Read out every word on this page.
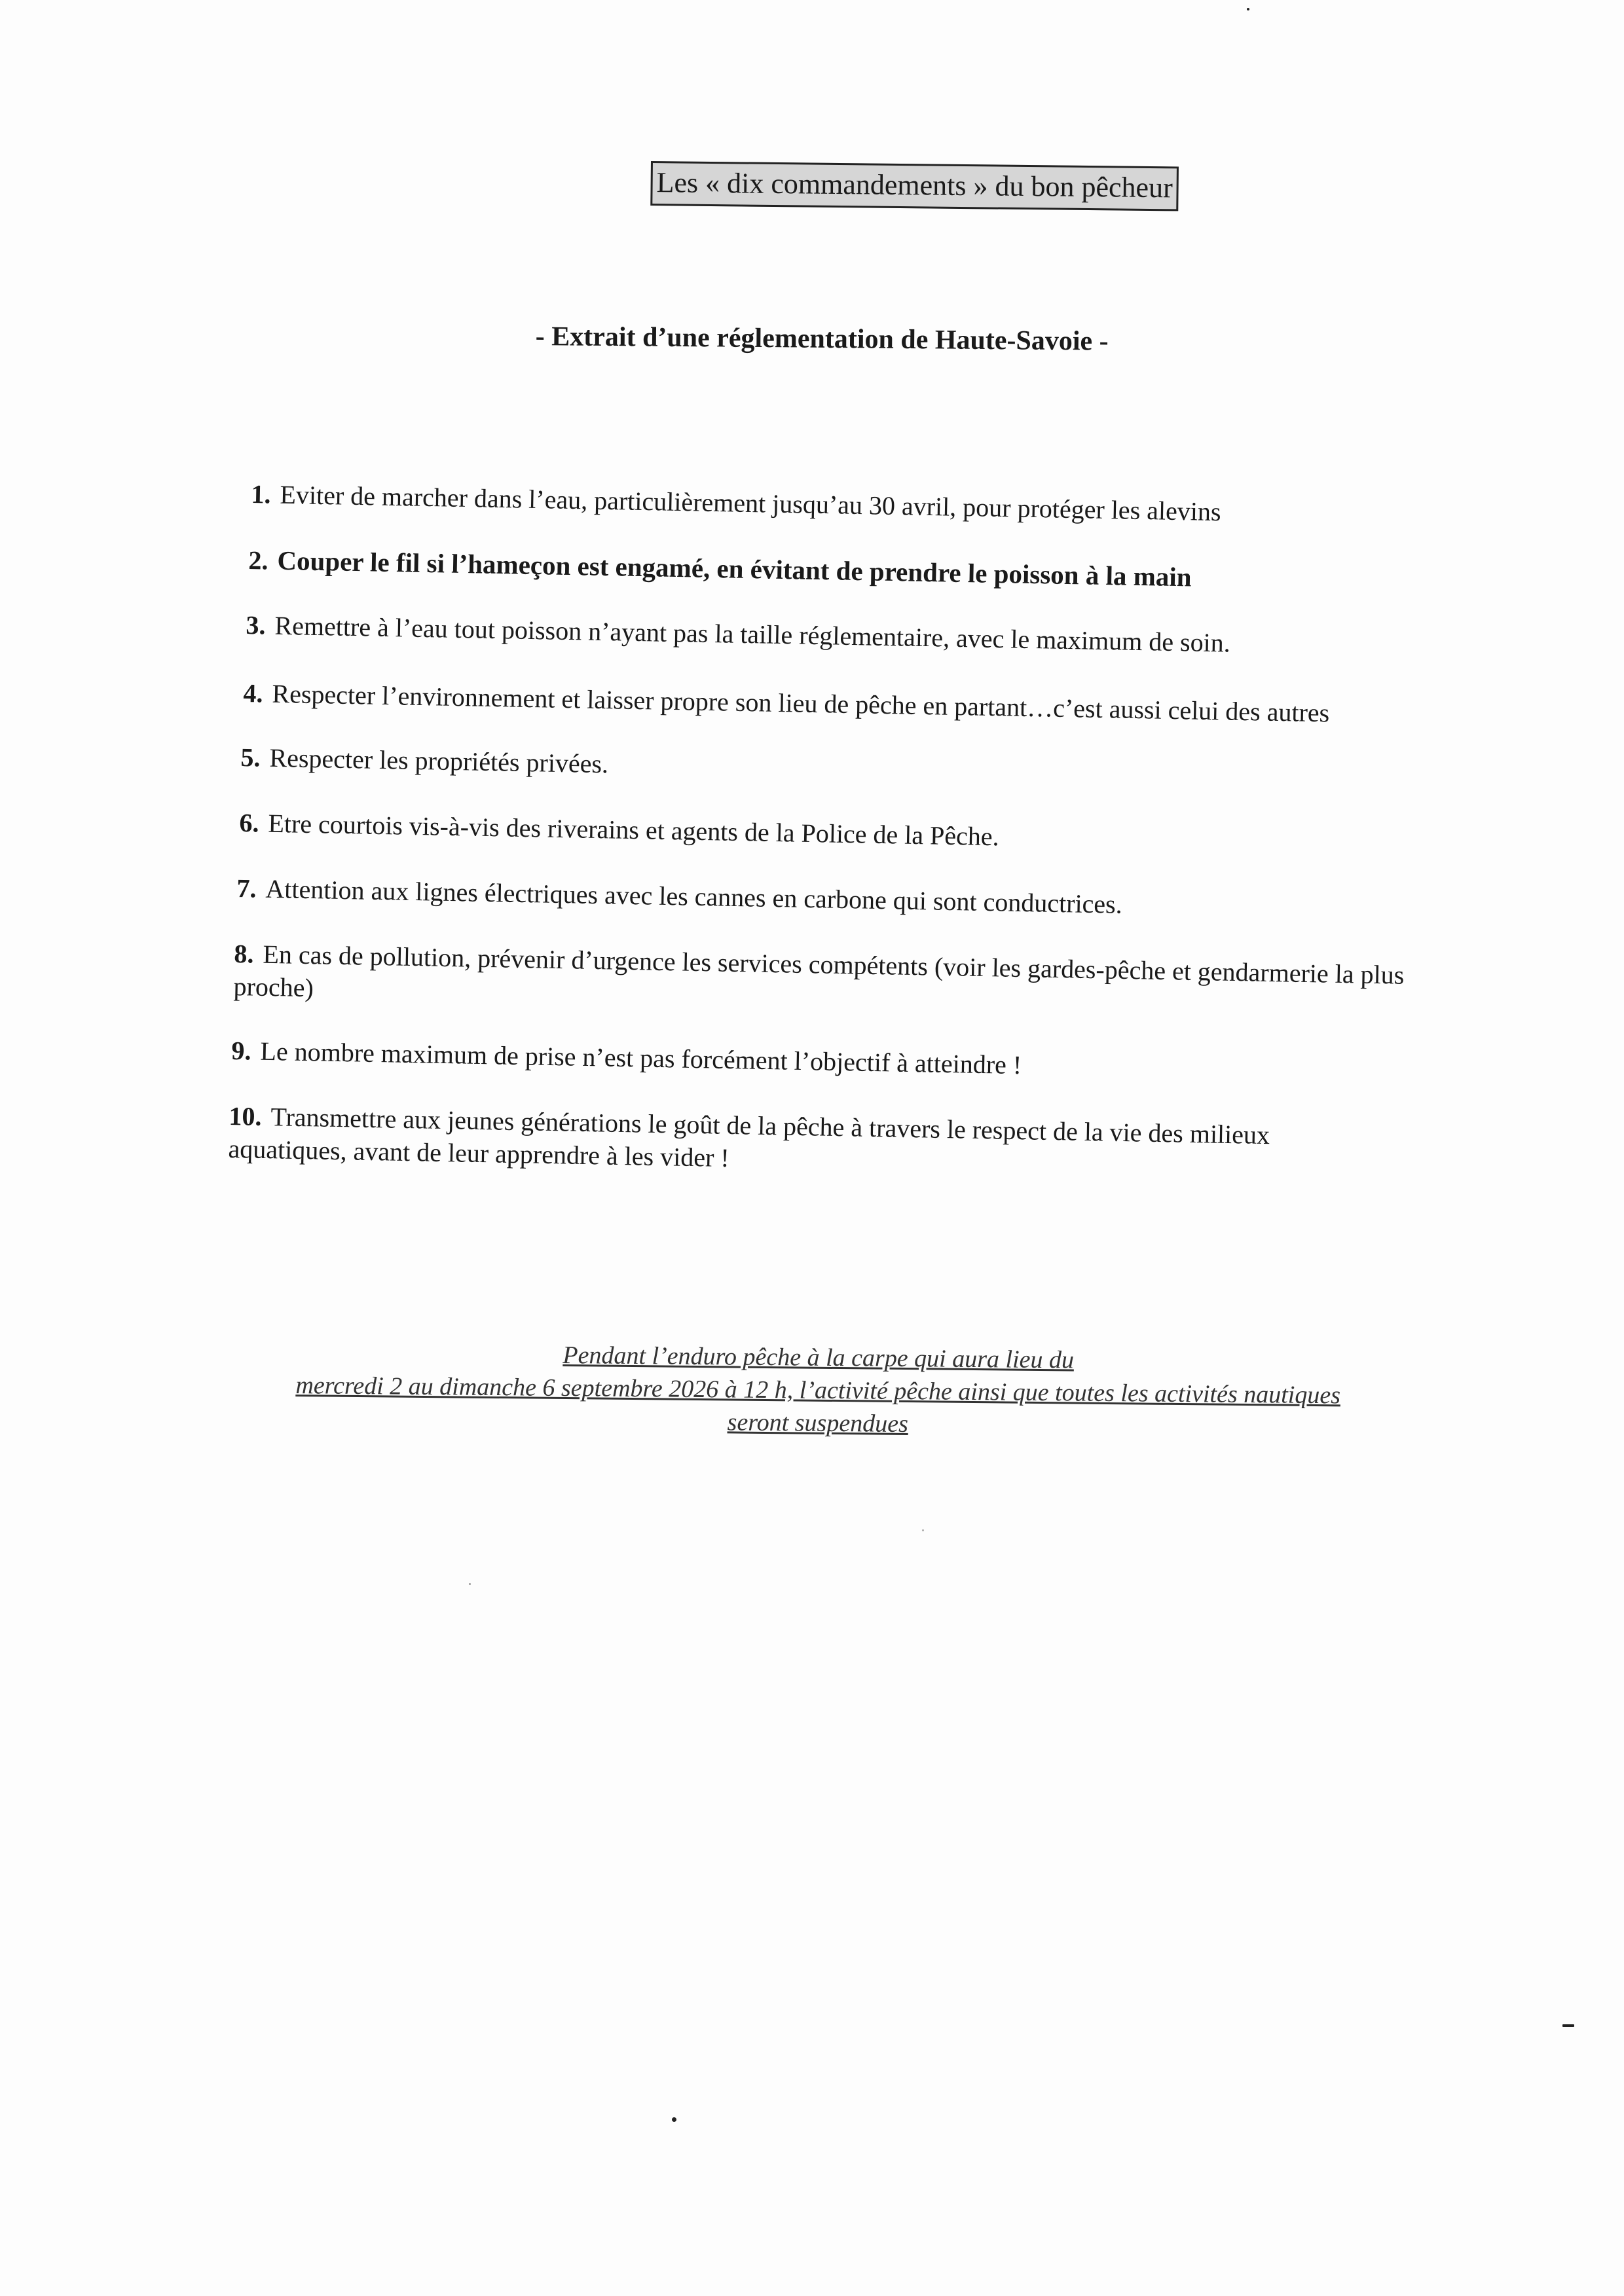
Les « dix commandements » du bon pêcheur
- Extrait d’une réglementation de Haute-Savoie -
1. Eviter de marcher dans l’eau, particulièrement jusqu’au 30 avril, pour protéger les alevins
2. Couper le fil si l’hameçon est engamé, en évitant de prendre le poisson à la main
3. Remettre à l’eau tout poisson n’ayant pas la taille réglementaire, avec le maximum de soin.
4. Respecter l’environnement et laisser propre son lieu de pêche en partant…c’est aussi celui des autres
5. Respecter les propriétés privées.
6. Etre courtois vis-à-vis des riverains et agents de la Police de la Pêche.
7. Attention aux lignes électriques avec les cannes en carbone qui sont conductrices.
8. En cas de pollution, prévenir d’urgence les services compétents (voir les gardes-pêche et gendarmerie la plus proche)
9. Le nombre maximum de prise n’est pas forcément l’objectif à atteindre !
10. Transmettre aux jeunes générations le goût de la pêche à travers le respect de la vie des milieux aquatiques, avant de leur apprendre à les vider !
Pendant l’enduro pêche à la carpe qui aura lieu du
mercredi 2 au dimanche 6 septembre 2026 à 12 h, l’activité pêche ainsi que toutes les activités nautiques
seront suspendues
